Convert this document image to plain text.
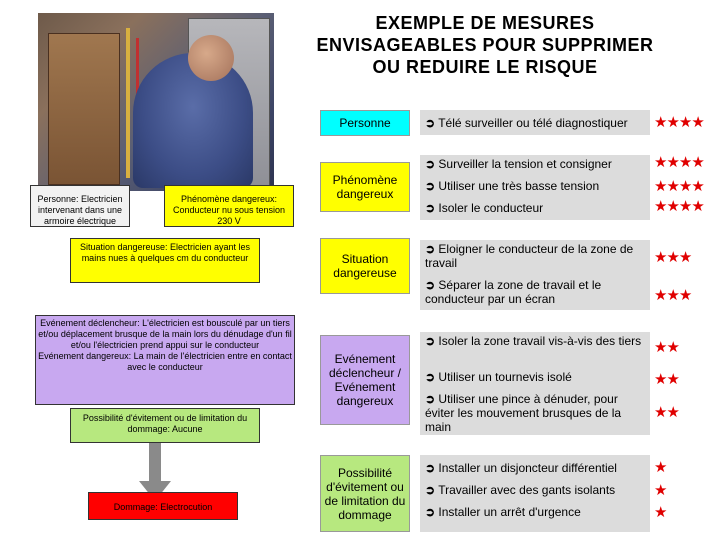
EXEMPLE DE MESURES
ENVISAGEABLES POUR SUPPRIMER
OU REDUIRE LE RISQUE
Personne: Electricien intervenant dans une armoire électrique
Phénomène dangereux: Conducteur nu sous tension 230 V
Situation dangereuse: Electricien ayant les mains nues à quelques cm du conducteur
Evénement déclencheur: L'électricien est bousculé par un tiers et/ou déplacement brusque de la main lors du dénudage d'un fil et/ou l'électricien prend appui sur le conducteur
Evénement dangereux: La main de l'électricien entre en contact avec le conducteur
Possibilité d'évitement ou de limitation du dommage: Aucune
Dommage: Electrocution
Personne
Phénomène dangereux
Situation dangereuse
Evénement déclencheur / Evénement dangereux
Possibilité d'évitement ou de limitation du dommage
➲ Télé surveiller ou télé diagnostiquer
➲ Surveiller la tension et consigner
➲ Utiliser une très basse tension
➲ Isoler le conducteur
➲ Eloigner le conducteur de la zone de travail
➲ Séparer la zone de travail et le conducteur par un écran
➲ Isoler la zone travail vis-à-vis des tiers
➲ Utiliser un tournevis isolé
➲ Utiliser une pince à dénuder, pour éviter les mouvement brusques de la main
➲ Installer un disjoncteur différentiel
➲ Travailler avec des gants isolants
➲ Installer un arrêt d'urgence
★★★★
★★★★
★★★★
★★★★
★★★
★★★
★★
★★
★★
★
★
★
